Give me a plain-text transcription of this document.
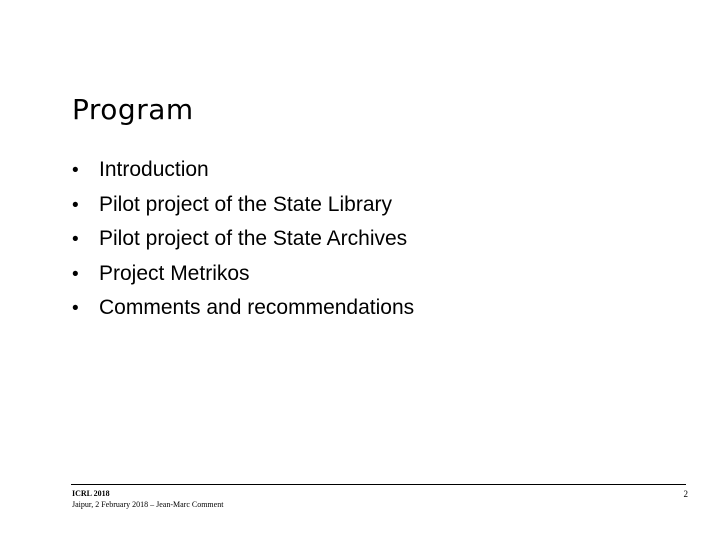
Program
• Introduction
• Pilot project of the State Library
• Pilot project of the State Archives
• Project Metrikos
• Comments and recommendations
ICRL 2018
Jaipur, 2 February 2018 – Jean-Marc Comment
2
